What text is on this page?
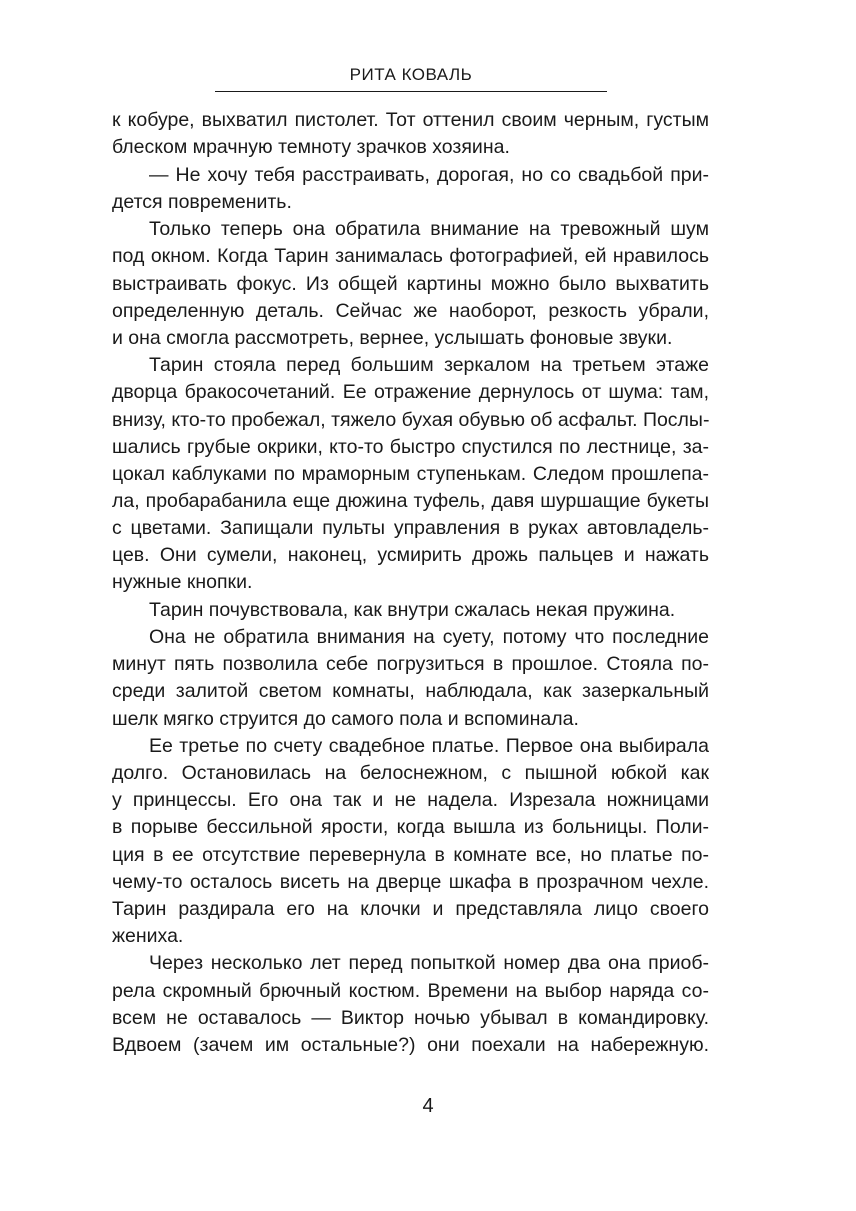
РИТА КОВАЛЬ
к кобуре, выхватил пистолет. Тот оттенил своим черным, густым
блеском мрачную темноту зрачков хозяина.
— Не хочу тебя расстраивать, дорогая, но со свадьбой при-
дется повременить.
Только теперь она обратила внимание на тревожный шум
под окном. Когда Тарин занималась фотографией, ей нравилось
выстраивать фокус. Из общей картины можно было выхватить
определенную деталь. Сейчас же наоборот, резкость убрали,
и она смогла рассмотреть, вернее, услышать фоновые звуки.
Тарин стояла перед большим зеркалом на третьем этаже
дворца бракосочетаний. Ее отражение дернулось от шума: там,
внизу, кто-то пробежал, тяжело бухая обувью об асфальт. Послы-
шались грубые окрики, кто-то быстро спустился по лестнице, за-
цокал каблуками по мраморным ступенькам. Следом прошлепа-
ла, пробарабанила еще дюжина туфель, давя шуршащие букеты
с цветами. Запищали пульты управления в руках автовладель-
цев. Они сумели, наконец, усмирить дрожь пальцев и нажать
нужные кнопки.
Тарин почувствовала, как внутри сжалась некая пружина.
Она не обратила внимания на суету, потому что последние
минут пять позволила себе погрузиться в прошлое. Стояла по-
среди залитой светом комнаты, наблюдала, как зазеркальный
шелк мягко струится до самого пола и вспоминала.
Ее третье по счету свадебное платье. Первое она выбирала
долго. Остановилась на белоснежном, с пышной юбкой как
у принцессы. Его она так и не надела. Изрезала ножницами
в порыве бессильной ярости, когда вышла из больницы. Поли-
ция в ее отсутствие перевернула в комнате все, но платье по-
чему-то осталось висеть на дверце шкафа в прозрачном чехле.
Тарин раздирала его на клочки и представляла лицо своего
жениха.
Через несколько лет перед попыткой номер два она приоб-
рела скромный брючный костюм. Времени на выбор наряда со-
всем не оставалось — Виктор ночью убывал в командировку.
Вдвоем (зачем им остальные?) они поехали на набережную.
4
